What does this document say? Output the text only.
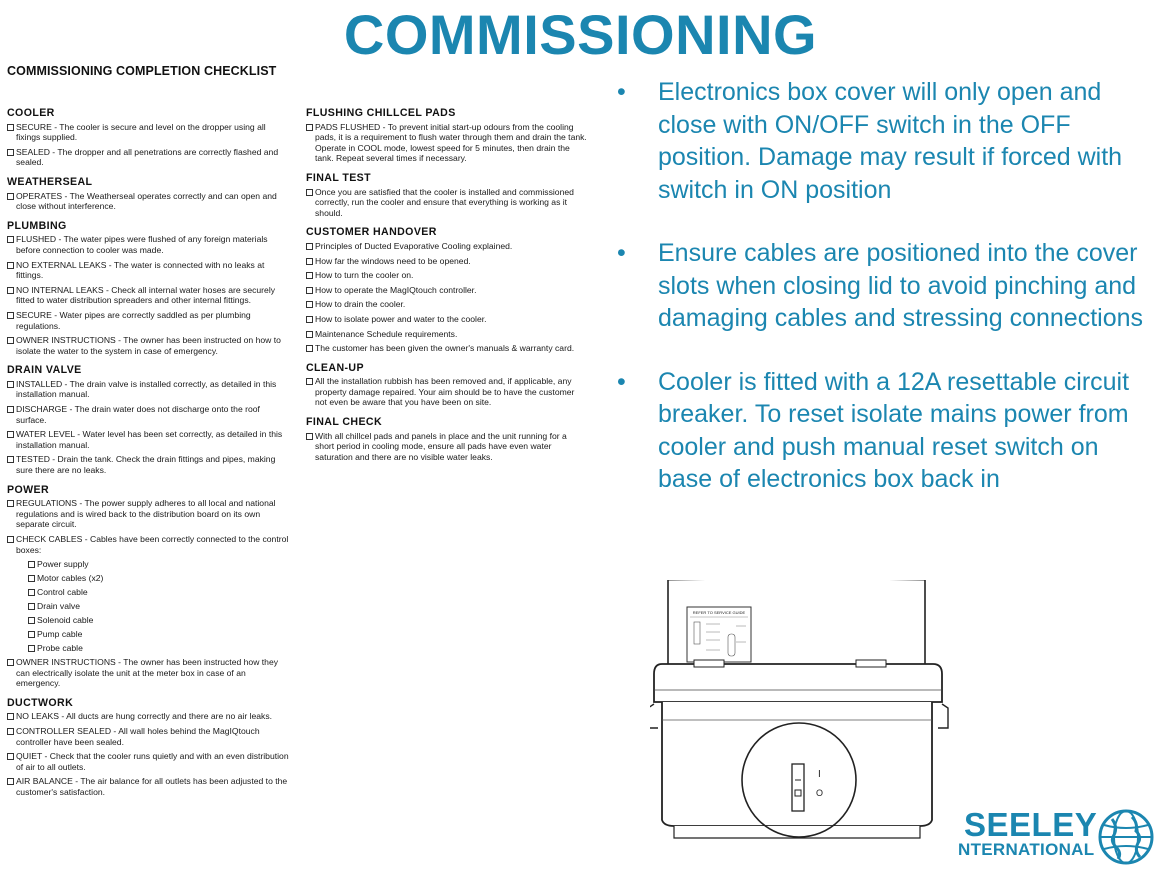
COMMISSIONING
COMMISSIONING COMPLETION CHECKLIST
COOLER
SECURE - The cooler is secure and level on the dropper using all fixings supplied.
SEALED - The dropper and all penetrations are correctly flashed and sealed.
WEATHERSEAL
OPERATES - The Weatherseal operates correctly and can open and close without interference.
PLUMBING
FLUSHED - The water pipes were flushed of any foreign materials before connection to cooler was made.
NO EXTERNAL LEAKS - The water is connected with no leaks at fittings.
NO INTERNAL LEAKS - Check all internal water hoses are securely fitted to water distribution spreaders and other internal fittings.
SECURE - Water pipes are correctly saddled as per plumbing regulations.
OWNER INSTRUCTIONS - The owner has been instructed on how to isolate the water to the system in case of emergency.
DRAIN VALVE
INSTALLED - The drain valve is installed correctly, as detailed in this installation manual.
DISCHARGE - The drain water does not discharge onto the roof surface.
WATER LEVEL - Water level has been set correctly, as detailed in this installation manual.
TESTED - Drain the tank. Check the drain fittings and pipes, making sure there are no leaks.
POWER
REGULATIONS - The power supply adheres to all local and national regulations and is wired back to the distribution board on its own separate circuit.
CHECK CABLES - Cables have been correctly connected to the control boxes:
Power supply
Motor cables (x2)
Control cable
Drain valve
Solenoid cable
Pump cable
Probe cable
OWNER INSTRUCTIONS - The owner has been instructed how they can electrically isolate the unit at the meter box in case of an emergency.
DUCTWORK
NO LEAKS - All ducts are hung correctly and there are no air leaks.
CONTROLLER SEALED - All wall holes behind the MagIQtouch controller have been sealed.
QUIET - Check that the cooler runs quietly and with an even distribution of air to all outlets.
AIR BALANCE - The air balance for all outlets has been adjusted to the customer's satisfaction.
FLUSHING CHILLCEL PADS
PADS FLUSHED - To prevent initial start-up odours from the cooling pads, it is a requirement to flush water through them and drain the tank. Operate in COOL mode, lowest speed for 5 minutes, then drain the tank. Repeat several times if necessary.
FINAL TEST
Once you are satisfied that the cooler is installed and commissioned correctly, run the cooler and ensure that everything is working as it should.
CUSTOMER HANDOVER
Principles of Ducted Evaporative Cooling explained.
How far the windows need to be opened.
How to turn the cooler on.
How to operate the MagIQtouch controller.
How to drain the cooler.
How to isolate power and water to the cooler.
Maintenance Schedule requirements.
The customer has been given the owner's manuals & warranty card.
CLEAN-UP
All the installation rubbish has been removed and, if applicable, any property damage repaired. Your aim should be to have the customer not even be aware that you have been on site.
FINAL CHECK
With all chillcel pads and panels in place and the unit running for a short period in cooling mode, ensure all pads have even water saturation and there are no visible water leaks.
• Electronics box cover will only open and close with ON/OFF switch in the OFF position. Damage may result if forced with switch in ON position
• Ensure cables are positioned into the cover slots when closing lid to avoid pinching and damaging cables and stressing connections
• Cooler is fitted with a 12A resettable circuit breaker. To reset isolate mains power from cooler and push manual reset switch on base of electronics box back in
REFER TO SERVICE GUIDE
I
O
SEELEY
NTERNATIONAL
